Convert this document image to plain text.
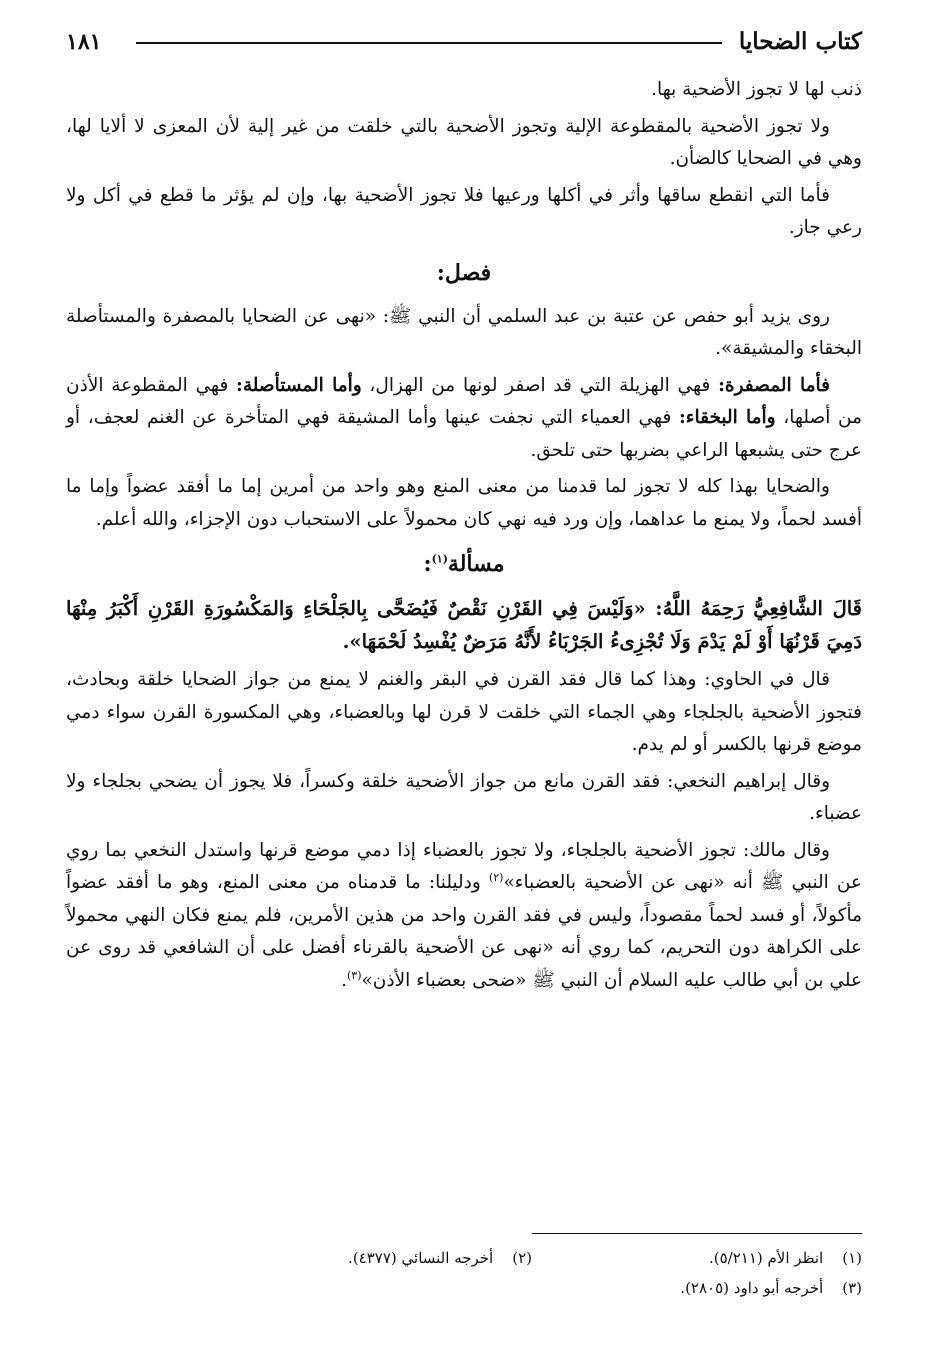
كتاب الضحايا
١٨١

ذنب لها لا تجوز الأضحية بها.

ولا تجوز الأضحية بالمقطوعة الإلية وتجوز الأضحية بالتي خلقت من غير إلية لأن المعزى لا ألايا لها، وهي في الضحايا كالضأن.

فأما التي انقطع ساقها وأثر في أكلها ورعيها فلا تجوز الأضحية بها، وإن لم يؤثر ما قطع في أكل ولا رعي جاز.

فصل:

روى يزيد أبو حفص عن عتبة بن عبد السلمي أن النبي ﷺ: «نهى عن الضحايا بالمصفرة والمستأصلة البخقاء والمشيقة».

فأما المصفرة: فهي الهزيلة التي قد اصفر لونها من الهزال، وأما المستأصلة: فهي المقطوعة الأذن من أصلها، وأما البخقاء: فهي العمياء التي نجفت عينها وأما المشيقة فهي المتأخرة عن الغنم لعجف، أو عرج حتى يشبعها الراعي بضربها حتى تلحق.

والضحايا بهذا كله لا تجوز لما قدمنا من معنى المنع وهو واحد من أمرين إما ما أفقد عضواً وإما ما أفسد لحماً، ولا يمنع ما عداهما، وإن ورد فيه نهي كان محمولاً على الاستحباب دون الإجزاء، والله أعلم.

مسألة$^{(١)}$:
قَالَ الشَّافِعِيُّ رَحِمَهُ اللَّهُ: «وَلَيْسَ فِي القَرْنِ نَقْصٌ فَيُضَحَّى بِالجَلْحَاءِ وَالمَكْسُورَةِ القَرْنِ أَكْبَرُ مِنْهَا دَمِيَ قَرْنُهَا أَوْ لَمْ يَدْمَ وَلَا تُجْزِىءُ الجَرْبَاءُ لأَنَّهُ مَرَضٌ يُفْسِدُ لَحْمَهَا».

قال في الحاوي: وهذا كما قال فقد القرن في البقر والغنم لا يمنع من جواز الضحايا خلقة وبحادث، فتجوز الأضحية بالجلجاء وهي الجماء التي خلقت لا قرن لها وبالعضباء، وهي المكسورة القرن سواء دمي موضع قرنها بالكسر أو لم يدم.

وقال إبراهيم النخعي: فقد القرن مانع من جواز الأضحية خلقة وكسراً، فلا يجوز أن يضحي بجلجاء ولا عضباء.

وقال مالك: تجوز الأضحية بالجلجاء، ولا تجوز بالعضباء إذا دمي موضع قرنها واستدل النخعي بما روي عن النبي ﷺ أنه «نهى عن الأضحية بالعضباء»$^{(٢)}$ ودليلنا: ما قدمناه من معنى المنع، وهو ما أفقد عضواً مأكولاً، أو فسد لحماً مقصوداً، وليس في فقد القرن واحد من هذين الأمرين، فلم يمنع فكان النهي محمولاً على الكراهة دون التحريم، كما روي أنه «نهى عن الأضحية بالقرناء أفضل على أن الشافعي قد روى عن علي بن أبي طالب عليه السلام أن النبي ﷺ «ضحى بعضباء الأذن»$^{(٣)}$.

(١) انظر الأم (٥/٢١١).
(٢) أخرجه النسائي (٤٣٧٧).
(٣) أخرجه أبو داود (٢٨٠٥).
